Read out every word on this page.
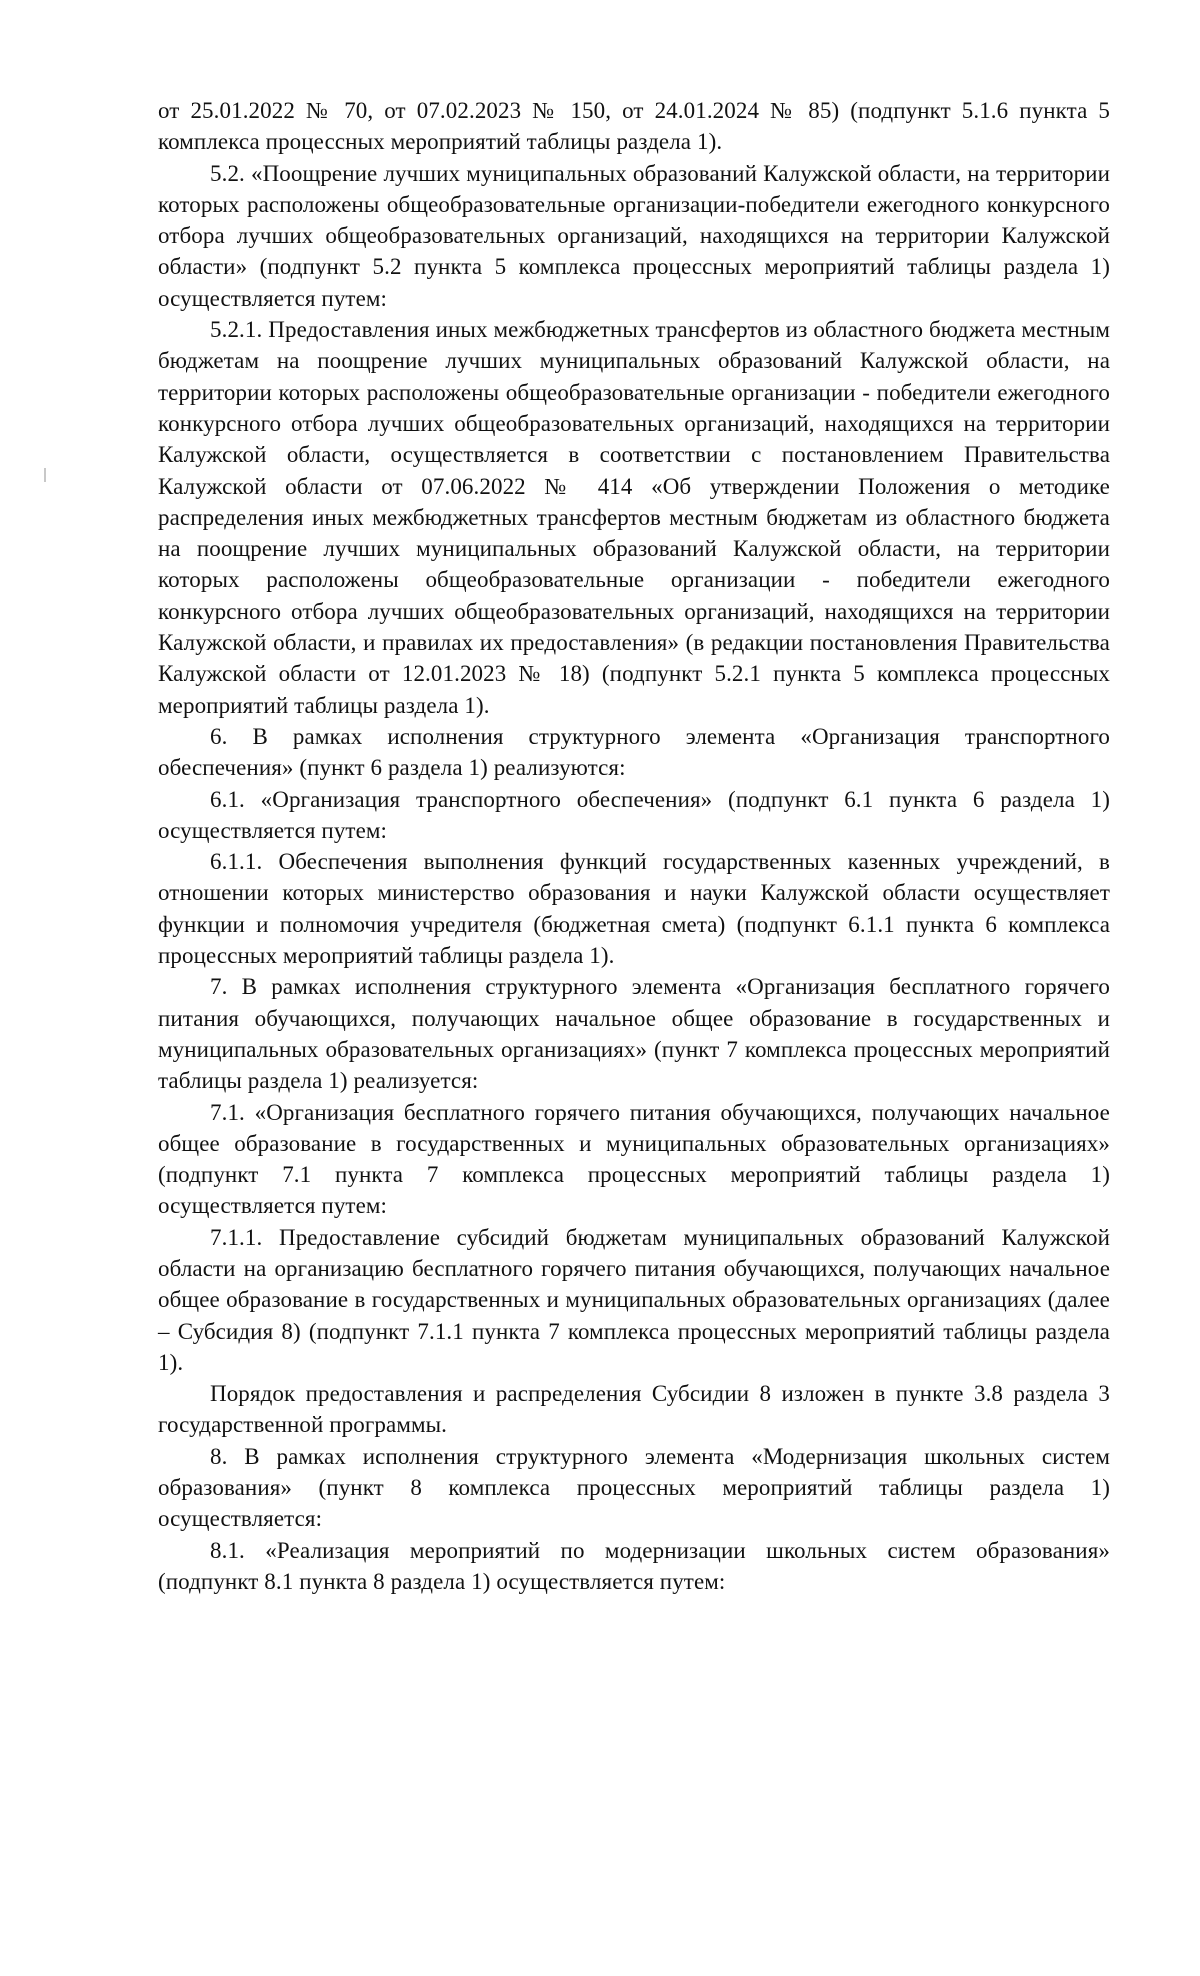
от 25.01.2022 № 70, от 07.02.2023 № 150, от 24.01.2024 № 85) (подпункт 5.1.6 пункта 5 комплекса процессных мероприятий таблицы раздела 1).

5.2. «Поощрение лучших муниципальных образований Калужской области, на территории которых расположены общеобразовательные организации-победители ежегодного конкурсного отбора лучших общеобразовательных организаций, находящихся на территории Калужской области» (подпункт 5.2 пункта 5 комплекса процессных мероприятий таблицы раздела 1) осуществляется путем:

5.2.1. Предоставления иных межбюджетных трансфертов из областного бюджета местным бюджетам на поощрение лучших муниципальных образований Калужской области, на территории которых расположены общеобразовательные организации - победители ежегодного конкурсного отбора лучших общеобразовательных организаций, находящихся на территории Калужской области, осуществляется в соответствии с постановлением Правительства Калужской области от 07.06.2022 № 414 «Об утверждении Положения о методике распределения иных межбюджетных трансфертов местным бюджетам из областного бюджета на поощрение лучших муниципальных образований Калужской области, на территории которых расположены общеобразовательные организации - победители ежегодного конкурсного отбора лучших общеобразовательных организаций, находящихся на территории Калужской области, и правилах их предоставления» (в редакции постановления Правительства Калужской области от 12.01.2023 № 18) (подпункт 5.2.1 пункта 5 комплекса процессных мероприятий таблицы раздела 1).

6. В рамках исполнения структурного элемента «Организация транспортного обеспечения» (пункт 6 раздела 1) реализуются:

6.1. «Организация транспортного обеспечения» (подпункт 6.1 пункта 6 раздела 1) осуществляется путем:

6.1.1. Обеспечения выполнения функций государственных казенных учреждений, в отношении которых министерство образования и науки Калужской области осуществляет функции и полномочия учредителя (бюджетная смета) (подпункт 6.1.1 пункта 6 комплекса процессных мероприятий таблицы раздела 1).

7. В рамках исполнения структурного элемента «Организация бесплатного горячего питания обучающихся, получающих начальное общее образование в государственных и муниципальных образовательных организациях» (пункт 7 комплекса процессных мероприятий таблицы раздела 1) реализуется:

7.1. «Организация бесплатного горячего питания обучающихся, получающих начальное общее образование в государственных и муниципальных образовательных организациях» (подпункт 7.1 пункта 7 комплекса процессных мероприятий таблицы раздела 1) осуществляется путем:

7.1.1. Предоставление субсидий бюджетам муниципальных образований Калужской области на организацию бесплатного горячего питания обучающихся, получающих начальное общее образование в государственных и муниципальных образовательных организациях (далее – Субсидия 8) (подпункт 7.1.1 пункта 7 комплекса процессных мероприятий таблицы раздела 1).

Порядок предоставления и распределения Субсидии 8 изложен в пункте 3.8 раздела 3 государственной программы.

8. В рамках исполнения структурного элемента «Модернизация школьных систем образования» (пункт 8 комплекса процессных мероприятий таблицы раздела 1) осуществляется:

8.1. «Реализация мероприятий по модернизации школьных систем образования» (подпункт 8.1 пункта 8 раздела 1) осуществляется путем:
